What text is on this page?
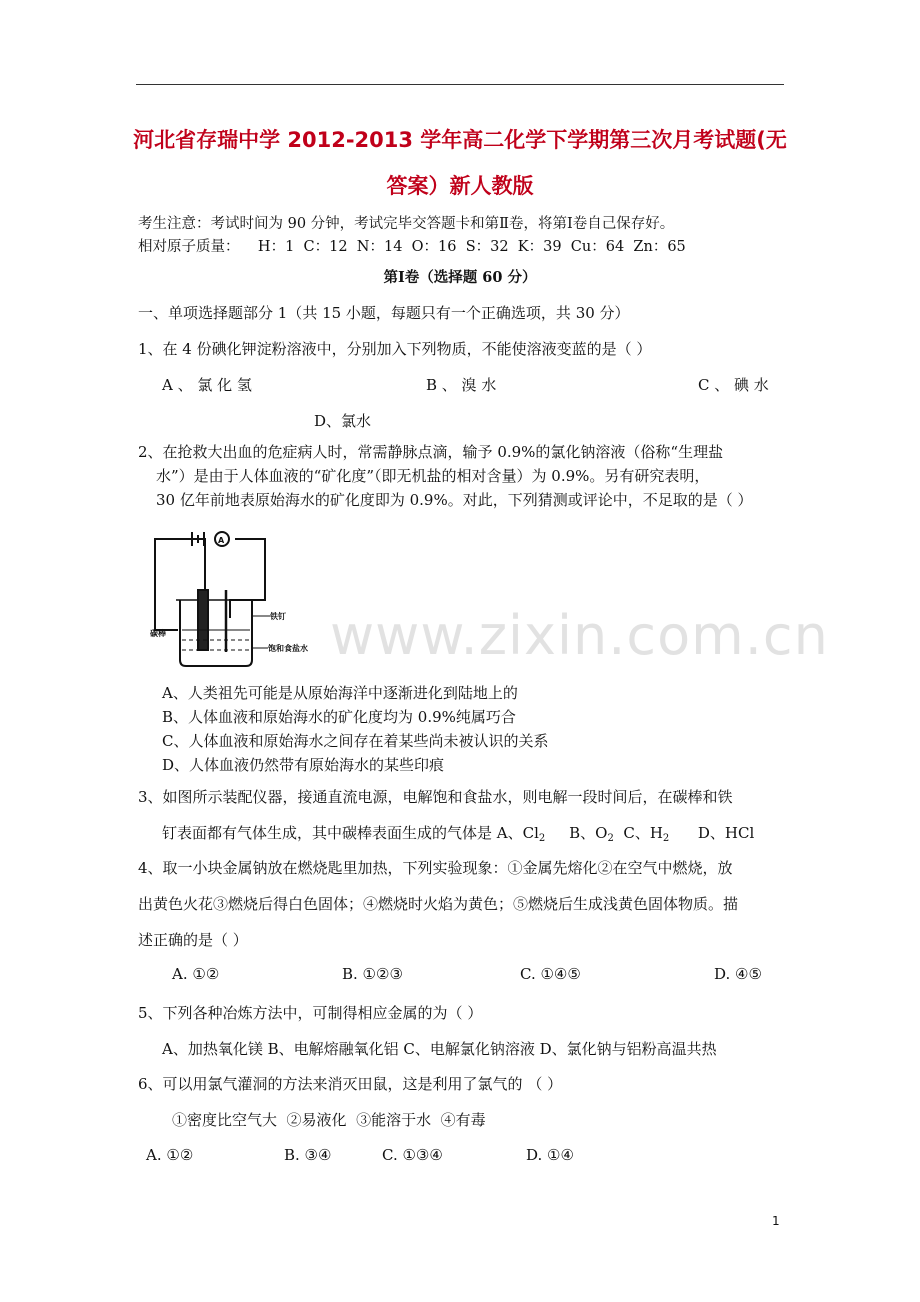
河北省存瑞中学 2012-2013 学年高二化学下学期第三次月考试题(无
答案）新人教版
考生注意：考试时间为 90 分钟，考试完毕交答题卡和第Ⅱ卷，将第Ⅰ卷自己保存好。
相对原子质量：    H：1  C：12  N：14  O：16  S：32  K：39  Cu：64  Zn：65
第Ⅰ卷（选择题 60 分）
一、单项选择题部分 1（共 15 小题，每题只有一个正确选项，共 30 分）
1、在 4 份碘化钾淀粉溶液中，分别加入下列物质，不能使溶液变蓝的是（ ）
A 、 氯 化 氢	B 、 溴 水	C 、 碘 水
D、氯水
2、在抢救大出血的危症病人时，常需静脉点滴，输予 0.9%的氯化钠溶液（俗称“生理盐
水”）是由于人体血液的“矿化度”（即无机盐的相对含量）为 0.9%。另有研究表明，
30 亿年前地表原始海水的矿化度即为 0.9%。对此，下列猜测或评论中，不足取的是（ ）
A
碳棒
铁钉
饱和食盐水 www.zixin.com.cn
A、人类祖先可能是从原始海洋中逐渐进化到陆地上的
B、人体血液和原始海水的矿化度均为 0.9%纯属巧合
C、人体血液和原始海水之间存在着某些尚未被认识的关系
D、人体血液仍然带有原始海水的某些印痕
3、如图所示装配仪器，接通直流电源，电解饱和食盐水，则电解一段时间后，在碳棒和铁
钉表面都有气体生成，其中碳棒表面生成的气体是 A、$Cl_2$ B、$O_2$ C、$H_2$ D、HCl
4、取一小块金属钠放在燃烧匙里加热，下列实验现象：①金属先熔化②在空气中燃烧，放
出黄色火花③燃烧后得白色固体；④燃烧时火焰为黄色；⑤燃烧后生成浅黄色固体物质。描
述正确的是（ ）
A. ①②	B. ①②③	C. ①④⑤	D. ④⑤
5、下列各种冶炼方法中，可制得相应金属的为（ ）
A、加热氧化镁 B、电解熔融氧化铝 C、电解氯化钠溶液 D、氯化钠与铝粉高温共热
6、可以用氯气灌洞的方法来消灭田鼠，这是利用了氯气的 （ ）
①密度比空气大  ②易液化  ③能溶于水  ④有毒
A. ①②	B. ③④	C. ①③④	D. ①④
1
